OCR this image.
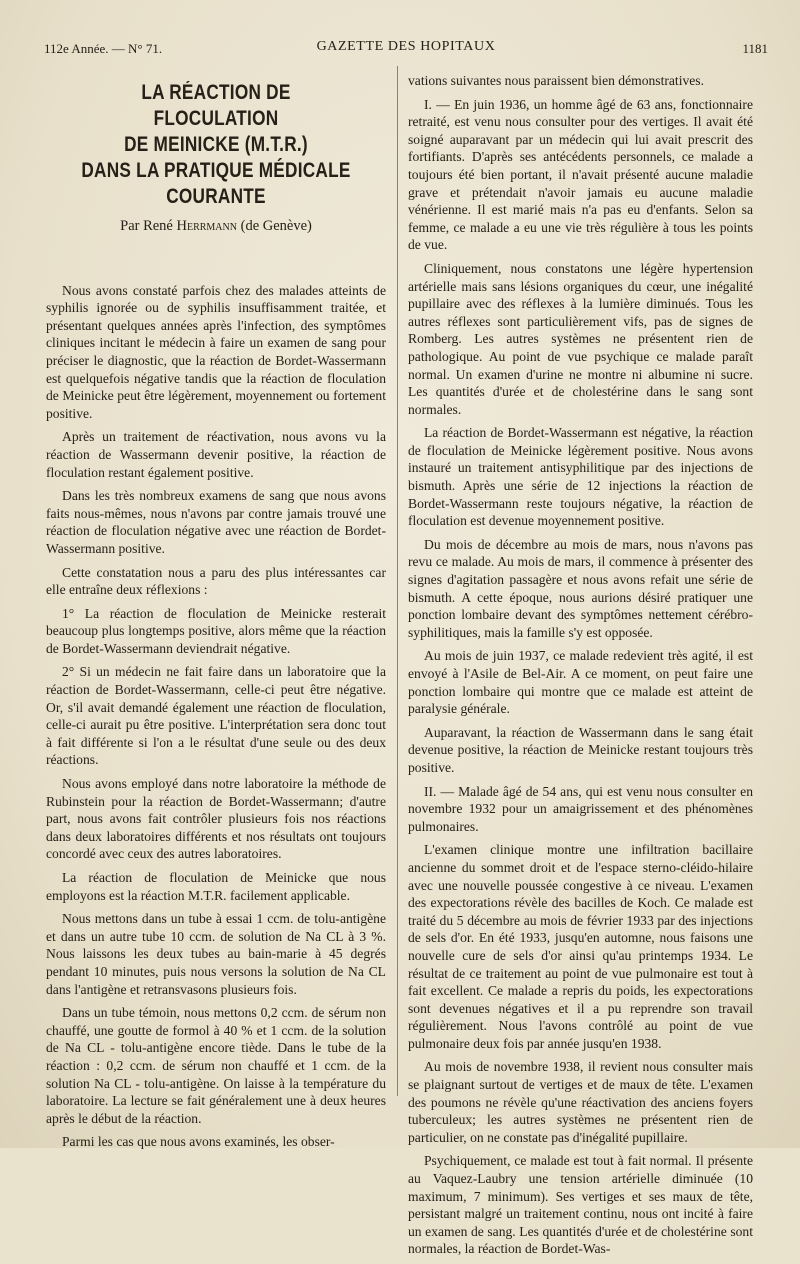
112e Année. — N° 71.	GAZETTE DES HOPITAUX	1181
LA RÉACTION DE FLOCULATION
DE MEINICKE (M.T.R.)
DANS LA PRATIQUE MÉDICALE COURANTE
Par René Herrmann (de Genève)

Nous avons constaté parfois chez des malades atteints de syphilis ignorée ou de syphilis insuffisamment traitée, et présentant quelques années après l'infection, des symptômes cliniques incitant le médecin à faire un examen de sang pour préciser le diagnostic, que la réaction de Bordet-Wassermann est quelquefois négative tandis que la réaction de floculation de Meinicke peut être légèrement, moyennement ou fortement positive.

Après un traitement de réactivation, nous avons vu la réaction de Wassermann devenir positive, la réaction de floculation restant également positive.

Dans les très nombreux examens de sang que nous avons faits nous-mêmes, nous n'avons par contre jamais trouvé une réaction de floculation négative avec une réaction de Bordet-Wassermann positive.

Cette constatation nous a paru des plus intéressantes car elle entraîne deux réflexions :

1° La réaction de floculation de Meinicke resterait beaucoup plus longtemps positive, alors même que la réaction de Bordet-Wassermann deviendrait négative.

2° Si un médecin ne fait faire dans un laboratoire que la réaction de Bordet-Wassermann, celle-ci peut être négative. Or, s'il avait demandé également une réaction de floculation, celle-ci aurait pu être positive. L'interprétation sera donc tout à fait différente si l'on a le résultat d'une seule ou des deux réactions.

Nous avons employé dans notre laboratoire la méthode de Rubinstein pour la réaction de Bordet-Wassermann; d'autre part, nous avons fait contrôler plusieurs fois nos réactions dans deux laboratoires différents et nos résultats ont toujours concordé avec ceux des autres laboratoires.

La réaction de floculation de Meinicke que nous employons est la réaction M.T.R. facilement applicable.

Nous mettons dans un tube à essai 1 ccm. de tolu-antigène et dans un autre tube 10 ccm. de solution de Na CL à 3 %. Nous laissons les deux tubes au bain-marie à 45 degrés pendant 10 minutes, puis nous versons la solution de Na CL dans l'antigène et retransvasons plusieurs fois.

Dans un tube témoin, nous mettons 0,2 ccm. de sérum non chauffé, une goutte de formol à 40 % et 1 ccm. de la solution de Na CL - tolu-antigène encore tiède. Dans le tube de la réaction : 0,2 ccm. de sérum non chauffé et 1 ccm. de la solution Na CL - tolu-antigène. On laisse à la température du laboratoire. La lecture se fait généralement une à deux heures après le début de la réaction.

Parmi les cas que nous avons examinés, les obser-

vations suivantes nous paraissent bien démonstratives.

I. — En juin 1936, un homme âgé de 63 ans, fonctionnaire retraité, est venu nous consulter pour des vertiges. Il avait été soigné auparavant par un médecin qui lui avait prescrit des fortifiants. D'après ses antécédents personnels, ce malade a toujours été bien portant, il n'avait présenté aucune maladie grave et prétendait n'avoir jamais eu aucune maladie vénérienne. Il est marié mais n'a pas eu d'enfants. Selon sa femme, ce malade a eu une vie très régulière à tous les points de vue.

Cliniquement, nous constatons une légère hypertension artérielle mais sans lésions organiques du cœur, une inégalité pupillaire avec des réflexes à la lumière diminués. Tous les autres réflexes sont particulièrement vifs, pas de signes de Romberg. Les autres systèmes ne présentent rien de pathologique. Au point de vue psychique ce malade paraît normal. Un examen d'urine ne montre ni albumine ni sucre. Les quantités d'urée et de cholestérine dans le sang sont normales.

La réaction de Bordet-Wassermann est négative, la réaction de floculation de Meinicke légèrement positive. Nous avons instauré un traitement antisyphilitique par des injections de bismuth. Après une série de 12 injections la réaction de Bordet-Wassermann reste toujours négative, la réaction de floculation est devenue moyennement positive.

Du mois de décembre au mois de mars, nous n'avons pas revu ce malade. Au mois de mars, il commence à présenter des signes d'agitation passagère et nous avons refait une série de bismuth. A cette époque, nous aurions désiré pratiquer une ponction lombaire devant des symptômes nettement cérébro-syphilitiques, mais la famille s'y est opposée.

Au mois de juin 1937, ce malade redevient très agité, il est envoyé à l'Asile de Bel-Air. A ce moment, on peut faire une ponction lombaire qui montre que ce malade est atteint de paralysie générale.

Auparavant, la réaction de Wassermann dans le sang était devenue positive, la réaction de Meinicke restant toujours très positive.

II. — Malade âgé de 54 ans, qui est venu nous consulter en novembre 1932 pour un amaigrissement et des phénomènes pulmonaires.

L'examen clinique montre une infiltration bacillaire ancienne du sommet droit et de l'espace sterno-cléido-hilaire avec une nouvelle poussée congestive à ce niveau. L'examen des expectorations révèle des bacilles de Koch. Ce malade est traité du 5 décembre au mois de février 1933 par des injections de sels d'or. En été 1933, jusqu'en automne, nous faisons une nouvelle cure de sels d'or ainsi qu'au printemps 1934. Le résultat de ce traitement au point de vue pulmonaire est tout à fait excellent. Ce malade a repris du poids, les expectorations sont devenues négatives et il a pu reprendre son travail régulièrement. Nous l'avons contrôlé au point de vue pulmonaire deux fois par année jusqu'en 1938.

Au mois de novembre 1938, il revient nous consulter mais se plaignant surtout de vertiges et de maux de tête. L'examen des poumons ne révèle qu'une réactivation des anciens foyers tuberculeux; les autres systèmes ne présentent rien de particulier, on ne constate pas d'inégalité pupillaire.

Psychiquement, ce malade est tout à fait normal. Il présente au Vaquez-Laubry une tension artérielle diminuée (10 maximum, 7 minimum). Ses vertiges et ses maux de tête, persistant malgré un traitement continu, nous ont incité à faire un examen de sang. Les quantités d'urée et de cholestérine sont normales, la réaction de Bordet-Was-
